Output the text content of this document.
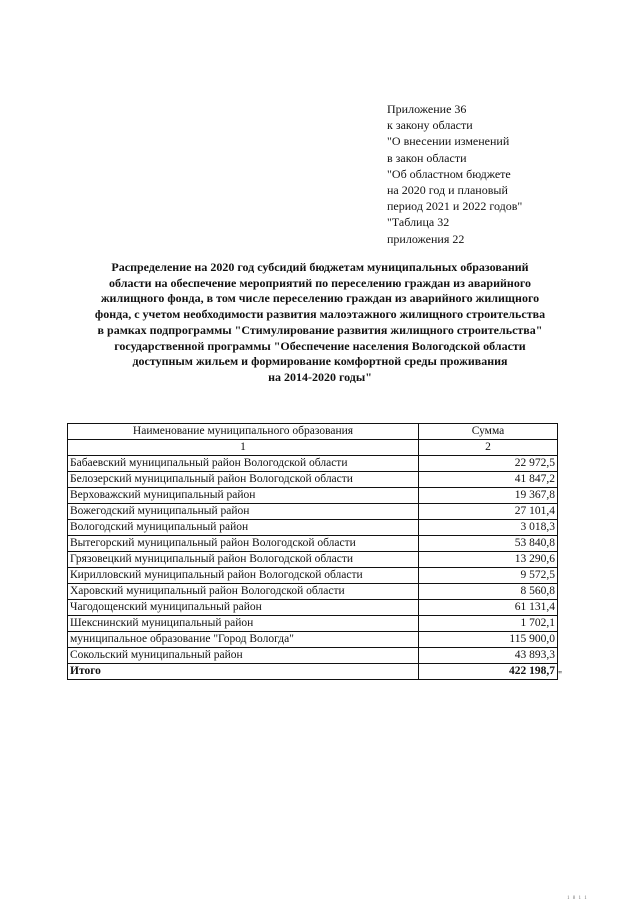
Приложение 36
к закону области
"О внесении изменений
в закон области
"Об областном бюджете
на 2020 год и плановый
период 2021 и 2022 годов"
"Таблица 32
приложения 22
Распределение на 2020 год субсидий бюджетам муниципальных образований
области на обеспечение мероприятий по переселению граждан из аварийного
жилищного фонда, в том числе переселению граждан из аварийного жилищного
фонда, с учетом необходимости развития малоэтажного жилищного строительства
в рамках подпрограммы "Стимулирование развития жилищного строительства"
государственной программы "Обеспечение населения Вологодской области
доступным жильем и формирование комфортной среды проживания
на 2014-2020 годы"
Наименование муниципального образования	Сумма
1	2
Бабаевский муниципальный район Вологодской области	22 972,5
Белозерский муниципальный район Вологодской области	41 847,2
Верховажский муниципальный район	19 367,8
Вожегодский муниципальный район	27 101,4
Вологодский муниципальный район	3 018,3
Вытегорский муниципальный район Вологодской области	53 840,8
Грязовецкий муниципальный район Вологодской области	13 290,6
Кирилловский муниципальный район Вологодской области	9 572,5
Харовский муниципальный район Вологодской области	8 560,8
Чагодощенский муниципальный район	61 131,4
Шекснинский муниципальный район	1 702,1
муниципальное образование "Город Вологда"	115 900,0
Сокольский муниципальный район	43 893,3
Итого	422 198,7 "
1 8 1 1
